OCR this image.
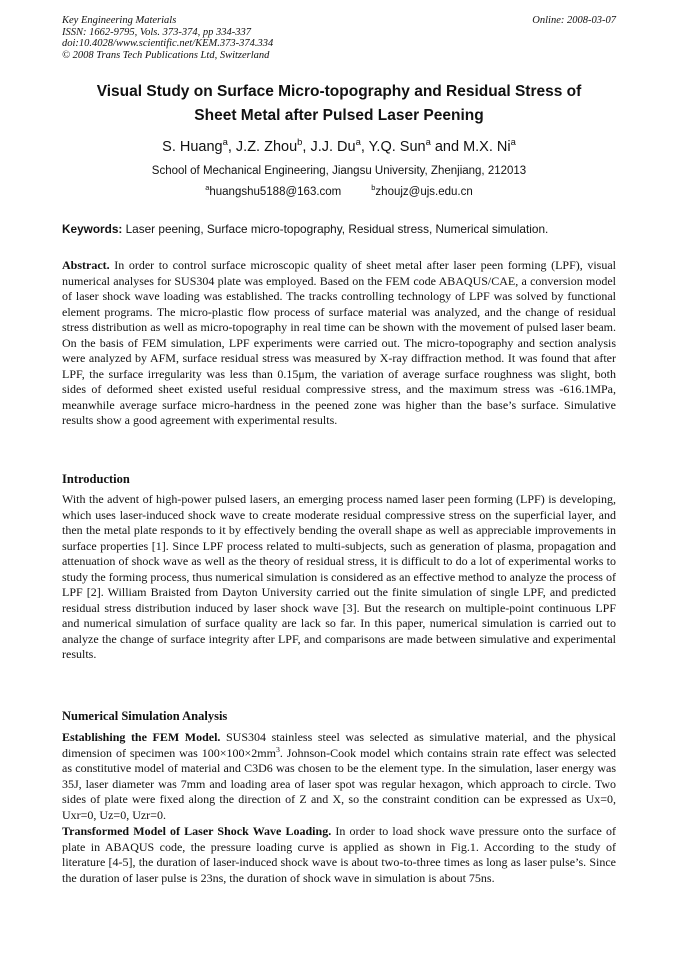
Key Engineering Materials
ISSN: 1662-9795, Vols. 373-374, pp 334-337
doi:10.4028/www.scientific.net/KEM.373-374.334
© 2008 Trans Tech Publications Ltd, Switzerland
Online: 2008-03-07
Visual Study on Surface Micro-topography and Residual Stress of
Sheet Metal after Pulsed Laser Peening
S. Huang$^a$, J.Z. Zhou$^b$, J.J. Du$^a$, Y.Q. Sun$^a$ and M.X. Ni$^a$
School of Mechanical Engineering, Jiangsu University, Zhenjiang, 212013
$^a$huangshu5188@163.com	$^b$zhoujz@ujs.edu.cn
Keywords: Laser peening, Surface micro-topography, Residual stress, Numerical simulation.
Abstract. In order to control surface microscopic quality of sheet metal after laser peen forming (LPF), visual numerical analyses for SUS304 plate was employed. Based on the FEM code ABAQUS/CAE, a conversion model of laser shock wave loading was established. The tracks controlling technology of LPF was solved by functional element programs. The micro-plastic flow process of surface material was analyzed, and the change of residual stress distribution as well as micro-topography in real time can be shown with the movement of pulsed laser beam. On the basis of FEM simulation, LPF experiments were carried out. The micro-topography and section analysis were analyzed by AFM, surface residual stress was measured by X-ray diffraction method. It was found that after LPF, the surface irregularity was less than 0.15μm, the variation of average surface roughness was slight, both sides of deformed sheet existed useful residual compressive stress, and the maximum stress was -616.1MPa, meanwhile average surface micro-hardness in the peened zone was higher than the base’s surface. Simulative results show a good agreement with experimental results.
Introduction
With the advent of high-power pulsed lasers, an emerging process named laser peen forming (LPF) is developing, which uses laser-induced shock wave to create moderate residual compressive stress on the superficial layer, and then the metal plate responds to it by effectively bending the overall shape as well as appreciable improvements in surface properties [1]. Since LPF process related to multi-subjects, such as generation of plasma, propagation and attenuation of shock wave as well as the theory of residual stress, it is difficult to do a lot of experimental works to study the forming process, thus numerical simulation is considered as an effective method to analyze the process of LPF [2]. William Braisted from Dayton University carried out the finite simulation of single LPF, and predicted residual stress distribution induced by laser shock wave [3]. But the research on multiple-point continuous LPF and numerical simulation of surface quality are lack so far. In this paper, numerical simulation is carried out to analyze the change of surface integrity after LPF, and comparisons are made between simulative and experimental results.
Numerical Simulation Analysis
Establishing the FEM Model. SUS304 stainless steel was selected as simulative material, and the physical dimension of specimen was $100\times 100\times 2mm^3$. Johnson-Cook model which contains strain rate effect was selected as constitutive model of material and C3D6 was chosen to be the element type. In the simulation, laser energy was 35J, laser diameter was 7mm and loading area of laser spot was regular hexagon, which approach to circle. Two sides of plate were fixed along the direction of Z and X, so the constraint condition can be expressed as Ux=0, Uxr=0, Uz=0, Uzr=0.
Transformed Model of Laser Shock Wave Loading. In order to load shock wave pressure onto the surface of plate in ABAQUS code, the pressure loading curve is applied as shown in Fig.1. According to the study of literature [4-5], the duration of laser-induced shock wave is about two-to-three times as long as laser pulse’s. Since the duration of laser pulse is 23ns, the duration of shock wave in simulation is about 75ns.
